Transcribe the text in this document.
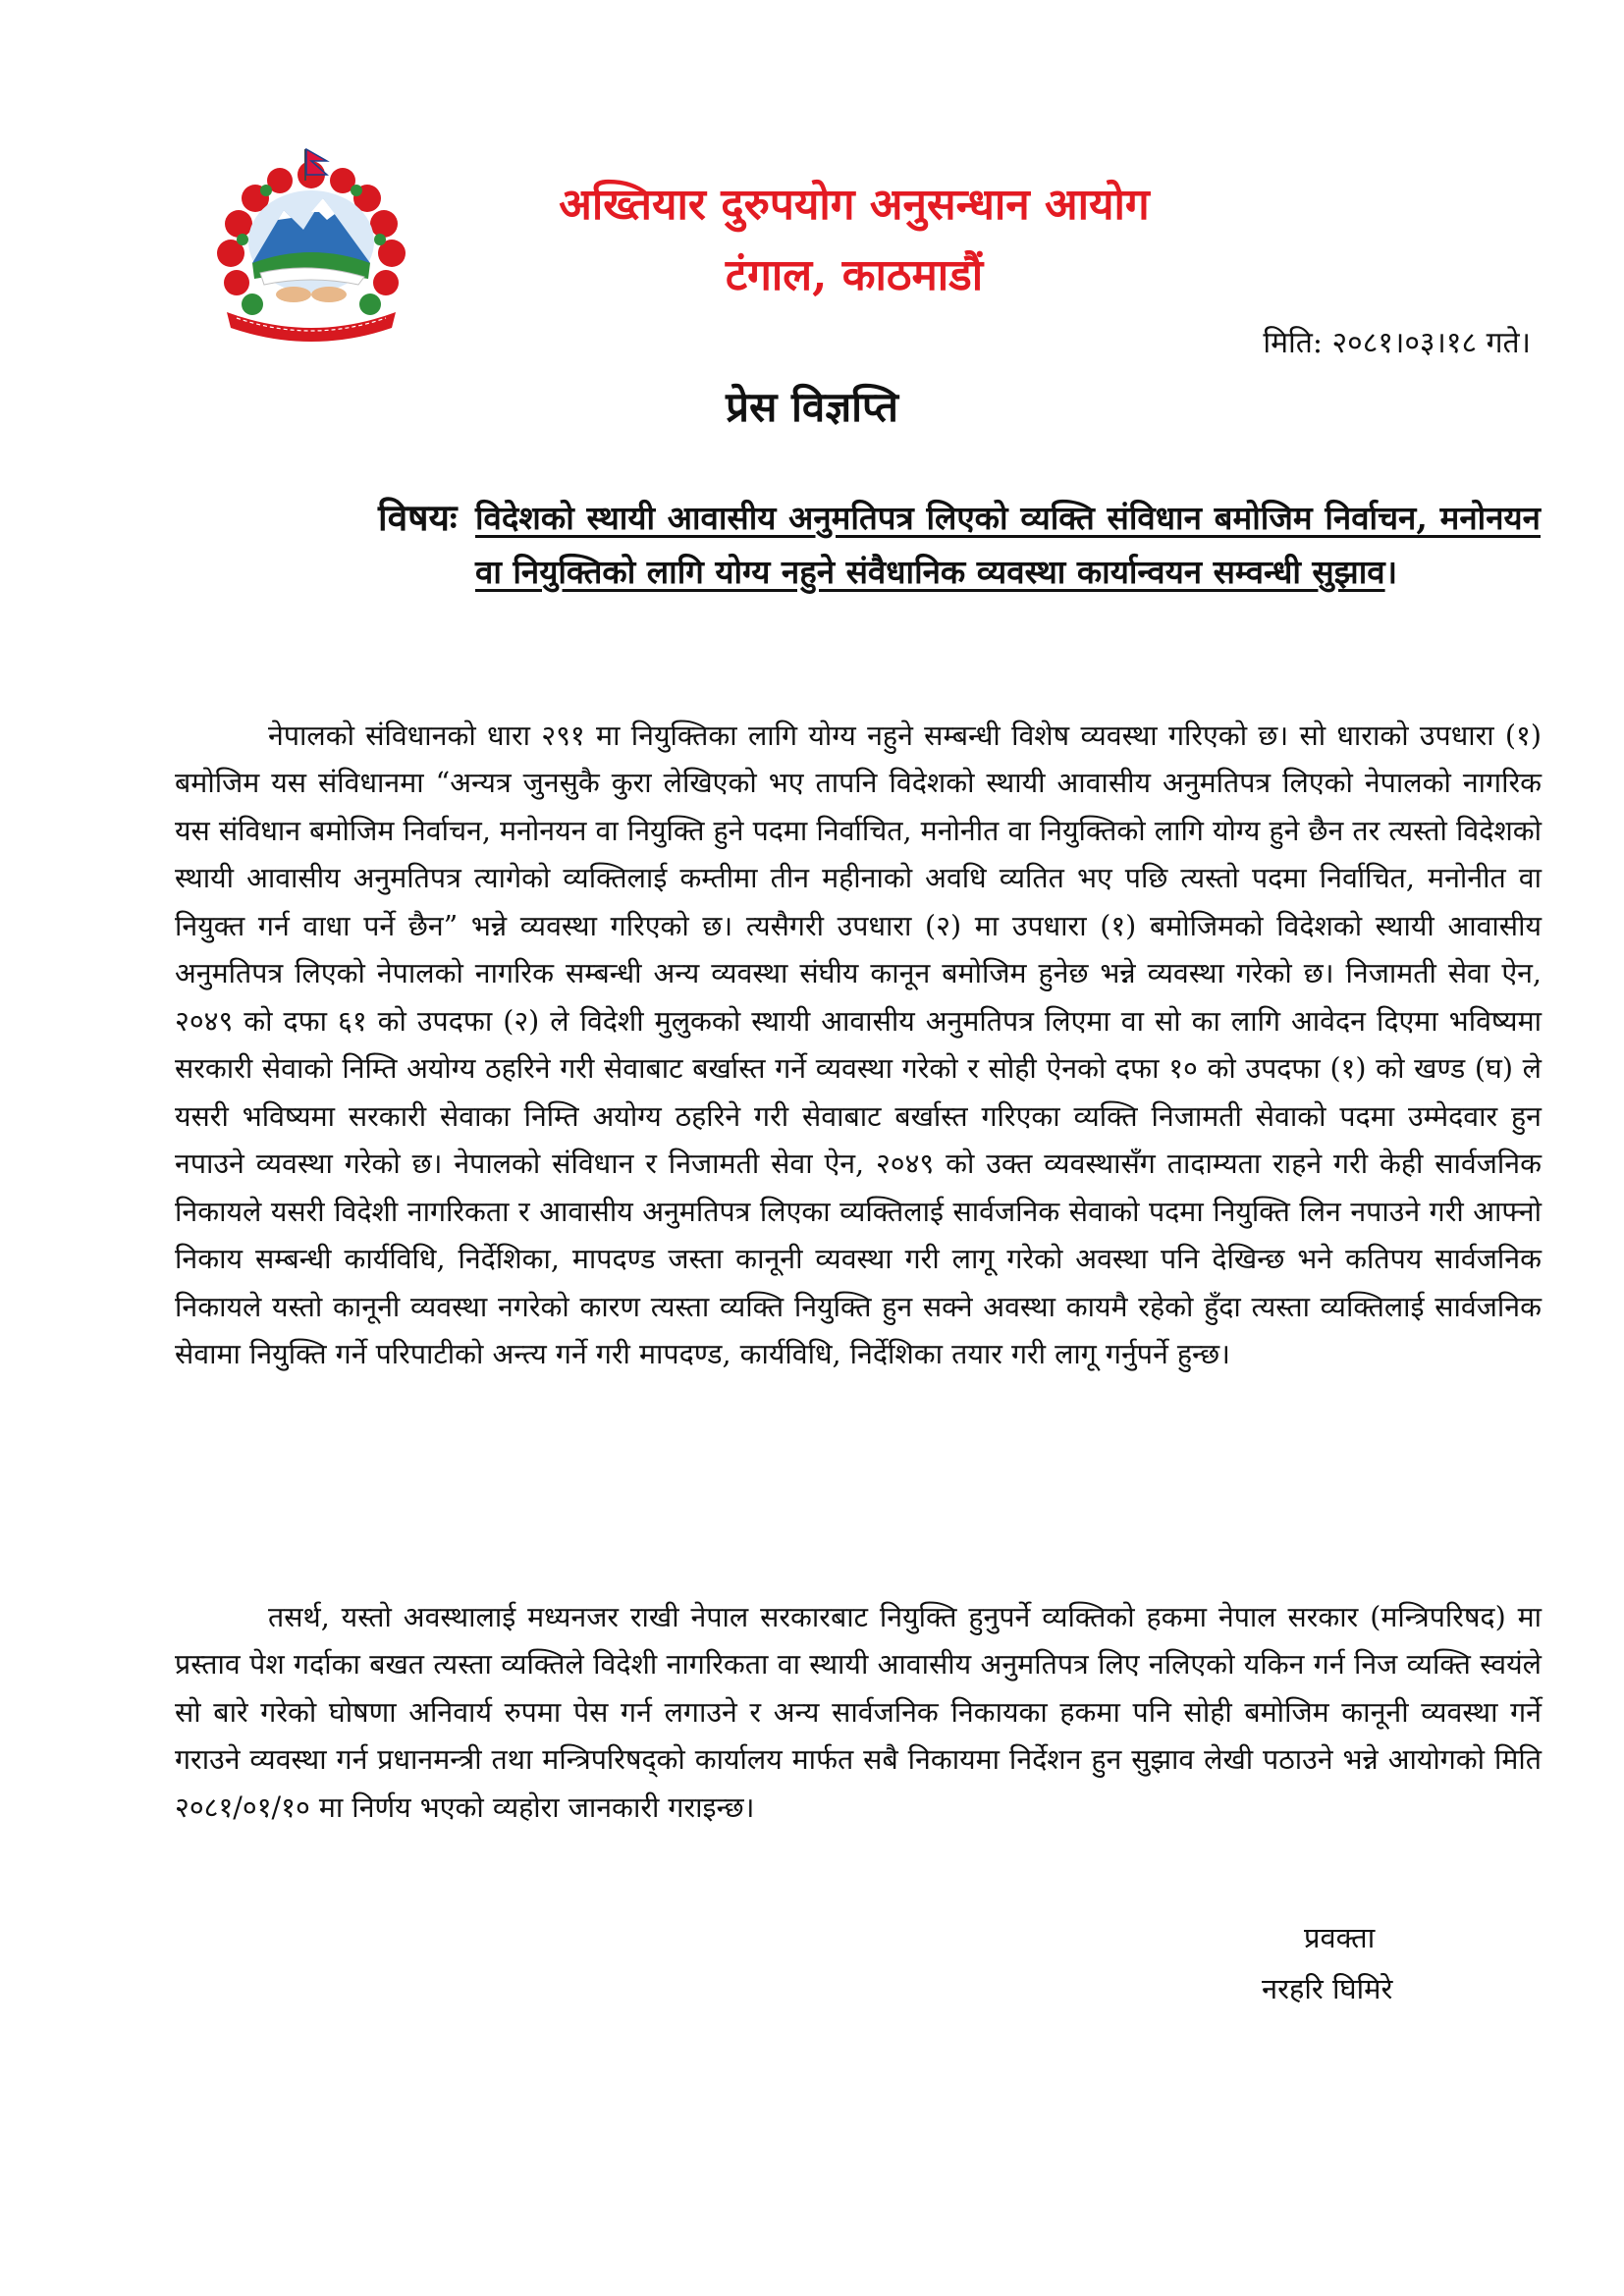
अख्तियार दुरुपयोग अनुसन्धान आयोग
टंगाल, काठमाडौं
मिति: २०८१।०३।१८ गते।
प्रेस विज्ञप्ति
विषयः विदेशको स्थायी आवासीय अनुमतिपत्र लिएको व्यक्ति संविधान बमोजिम निर्वाचन, मनोनयन वा नियुक्तिको लागि योग्य नहुने संवैधानिक व्यवस्था कार्यान्वयन सम्वन्धी सुझाव।

नेपालको संविधानको धारा २९१ मा नियुक्तिका लागि योग्य नहुने सम्बन्धी विशेष व्यवस्था गरिएको छ। सो धाराको उपधारा (१) बमोजिम यस संविधानमा “अन्यत्र जुनसुकै कुरा लेखिएको भए तापनि विदेशको स्थायी आवासीय अनुमतिपत्र लिएको नेपालको नागरिक यस संविधान बमोजिम निर्वाचन, मनोनयन वा नियुक्ति हुने पदमा निर्वाचित, मनोनीत वा नियुक्तिको लागि योग्य हुने छैन तर त्यस्तो विदेशको स्थायी आवासीय अनुमतिपत्र त्यागेको व्यक्तिलाई कम्तीमा तीन महीनाको अवधि व्यतित भए पछि त्यस्तो पदमा निर्वाचित, मनोनीत वा नियुक्त गर्न वाधा पर्ने छैन” भन्ने व्यवस्था गरिएको छ। त्यसैगरी उपधारा (२) मा उपधारा (१) बमोजिमको विदेशको स्थायी आवासीय अनुमतिपत्र लिएको नेपालको नागरिक सम्बन्धी अन्य व्यवस्था संघीय कानून बमोजिम हुनेछ भन्ने व्यवस्था गरेको छ। निजामती सेवा ऐन, २०४९ को दफा ६१ को उपदफा (२) ले विदेशी मुलुकको स्थायी आवासीय अनुमतिपत्र लिएमा वा सो का लागि आवेदन दिएमा भविष्यमा सरकारी सेवाको निम्ति अयोग्य ठहरिने गरी सेवाबाट बर्खास्त गर्ने व्यवस्था गरेको र सोही ऐनको दफा १० को उपदफा (१) को खण्ड (घ) ले यसरी भविष्यमा सरकारी सेवाका निम्ति अयोग्य ठहरिने गरी सेवाबाट बर्खास्त गरिएका व्यक्ति निजामती सेवाको पदमा उम्मेदवार हुन नपाउने व्यवस्था गरेको छ। नेपालको संविधान र निजामती सेवा ऐन, २०४९ को उक्त व्यवस्थासँग तादाम्यता राहने गरी केही सार्वजनिक निकायले यसरी विदेशी नागरिकता र आवासीय अनुमतिपत्र लिएका व्यक्तिलाई सार्वजनिक सेवाको पदमा नियुक्ति लिन नपाउने गरी आफ्नो निकाय सम्बन्धी कार्यविधि, निर्देशिका, मापदण्ड जस्ता कानूनी व्यवस्था गरी लागू गरेको अवस्था पनि देखिन्छ भने कतिपय सार्वजनिक निकायले यस्तो कानूनी व्यवस्था नगरेको कारण त्यस्ता व्यक्ति नियुक्ति हुन सक्ने अवस्था कायमै रहेको हुँदा त्यस्ता व्यक्तिलाई सार्वजनिक सेवामा नियुक्ति गर्ने परिपाटीको अन्त्य गर्ने गरी मापदण्ड, कार्यविधि, निर्देशिका तयार गरी लागू गर्नुपर्ने हुन्छ।

तसर्थ, यस्तो अवस्थालाई मध्यनजर राखी नेपाल सरकारबाट नियुक्ति हुनुपर्ने व्यक्तिको हकमा नेपाल सरकार (मन्त्रिपरिषद) मा प्रस्ताव पेश गर्दाका बखत त्यस्ता व्यक्तिले विदेशी नागरिकता वा स्थायी आवासीय अनुमतिपत्र लिए नलिएको यकिन गर्न निज व्यक्ति स्वयंले सो बारे गरेको घोषणा अनिवार्य रुपमा पेस गर्न लगाउने र अन्य सार्वजनिक निकायका हकमा पनि सोही बमोजिम कानूनी व्यवस्था गर्ने गराउने व्यवस्था गर्न प्रधानमन्त्री तथा मन्त्रिपरिषद्को कार्यालय मार्फत सबै निकायमा निर्देशन हुन सुझाव लेखी पठाउने भन्ने आयोगको मिति २०८१/०१/१० मा निर्णय भएको व्यहोरा जानकारी गराइन्छ।

प्रवक्ता
नरहरि घिमिरे
